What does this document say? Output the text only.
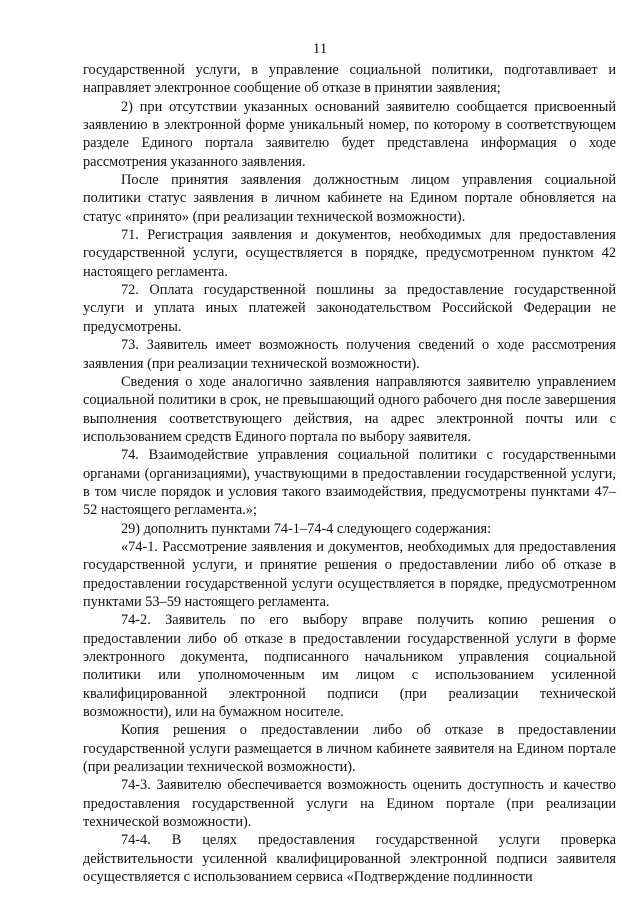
11

государственной услуги, в управление социальной политики, подготавливает и направляет электронное сообщение об отказе в принятии заявления;

2) при отсутствии указанных оснований заявителю сообщается присвоенный заявлению в электронной форме уникальный номер, по которому в соответствующем разделе Единого портала заявителю будет представлена информация о ходе рассмотрения указанного заявления.

После принятия заявления должностным лицом управления социальной политики статус заявления в личном кабинете на Едином портале обновляется на статус «принято» (при реализации технической возможности).

71. Регистрация заявления и документов, необходимых для предоставления государственной услуги, осуществляется в порядке, предусмотренном пунктом 42 настоящего регламента.

72. Оплата государственной пошлины за предоставление государственной услуги и уплата иных платежей законодательством Российской Федерации не предусмотрены.

73. Заявитель имеет возможность получения сведений о ходе рассмотрения заявления (при реализации технической возможности).

Сведения о ходе аналогично заявления направляются заявителю управлением социальной политики в срок, не превышающий одного рабочего дня после завершения выполнения соответствующего действия, на адрес электронной почты или с использованием средств Единого портала по выбору заявителя.

74. Взаимодействие управления социальной политики с государственными органами (организациями), участвующими в предоставлении государственной услуги, в том числе порядок и условия такого взаимодействия, предусмотрены пунктами 47–52 настоящего регламента.»;

29) дополнить пунктами 74-1–74-4 следующего содержания:

«74-1. Рассмотрение заявления и документов, необходимых для предоставления государственной услуги, и принятие решения о предоставлении либо об отказе в предоставлении государственной услуги осуществляется в порядке, предусмотренном пунктами 53–59 настоящего регламента.

74-2. Заявитель по его выбору вправе получить копию решения о предоставлении либо об отказе в предоставлении государственной услуги в форме электронного документа, подписанного начальником управления социальной политики или уполномоченным им лицом с использованием усиленной квалифицированной электронной подписи (при реализации технической возможности), или на бумажном носителе.

Копия решения о предоставлении либо об отказе в предоставлении государственной услуги размещается в личном кабинете заявителя на Едином портале (при реализации технической возможности).

74-3. Заявителю обеспечивается возможность оценить доступность и качество предоставления государственной услуги на Едином портале (при реализации технической возможности).

74-4. В целях предоставления государственной услуги проверка действительности усиленной квалифицированной электронной подписи заявителя осуществляется с использованием сервиса «Подтверждение подлинности
